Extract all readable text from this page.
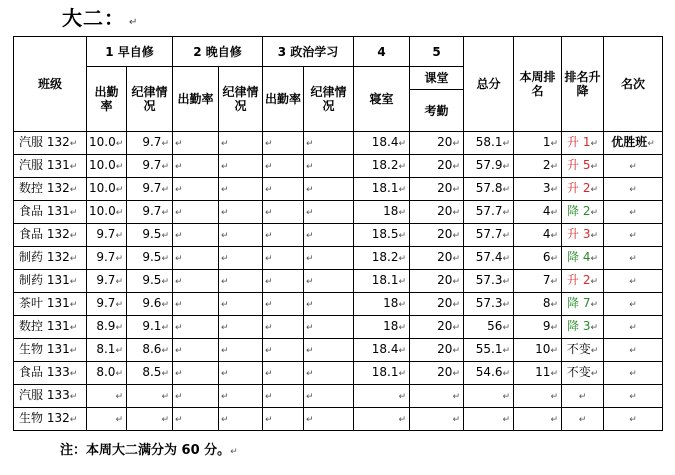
大二： ↵
班级	1 早自修		2 晚自修		3 政治学习		4	5	总分	本周排名	排名升降	名次
	出勤率	纪律情况	出勤率	纪律情况	出勤率	纪律情况	寝室	课堂				
								考勤				
汽服 132↵	10.0↵	9.7↵	↵	↵	↵	↵	18.4↵	20↵	58.1↵	1↵	升 1↵	优胜班↵
汽服 131↵	10.0↵	9.7↵	↵	↵	↵	↵	18.2↵	20↵	57.9↵	2↵	升 5↵	↵
数控 132↵	10.0↵	9.7↵	↵	↵	↵	↵	18.1↵	20↵	57.8↵	3↵	升 2↵	↵
食品 131↵	10.0↵	9.7↵	↵	↵	↵	↵	18↵	20↵	57.7↵	4↵	降 2↵	↵
食品 132↵	9.7↵	9.5↵	↵	↵	↵	↵	18.5↵	20↵	57.7↵	4↵	升 3↵	↵
制药 132↵	9.7↵	9.5↵	↵	↵	↵	↵	18.2↵	20↵	57.4↵	6↵	降 4↵	↵
制药 131↵	9.7↵	9.5↵	↵	↵	↵	↵	18.1↵	20↵	57.3↵	7↵	升 2↵	↵
茶叶 131↵	9.7↵	9.6↵	↵	↵	↵	↵	18↵	20↵	57.3↵	8↵	降 7↵	↵
数控 131↵	8.9↵	9.1↵	↵	↵	↵	↵	18↵	20↵	56↵	9↵	降 3↵	↵
生物 131↵	8.1↵	8.6↵	↵	↵	↵	↵	18.4↵	20↵	55.1↵	10↵	不变↵	↵
食品 133↵	8.0↵	8.5↵	↵	↵	↵	↵	18.1↵	20↵	54.6↵	11↵	不变↵	↵
汽服 133↵	↵	↵	↵	↵	↵	↵	↵	↵	↵	↵	↵	↵
生物 132↵	↵	↵	↵	↵	↵	↵	↵	↵	↵	↵	↵	↵
注：本周大二满分为 60 分。↵
